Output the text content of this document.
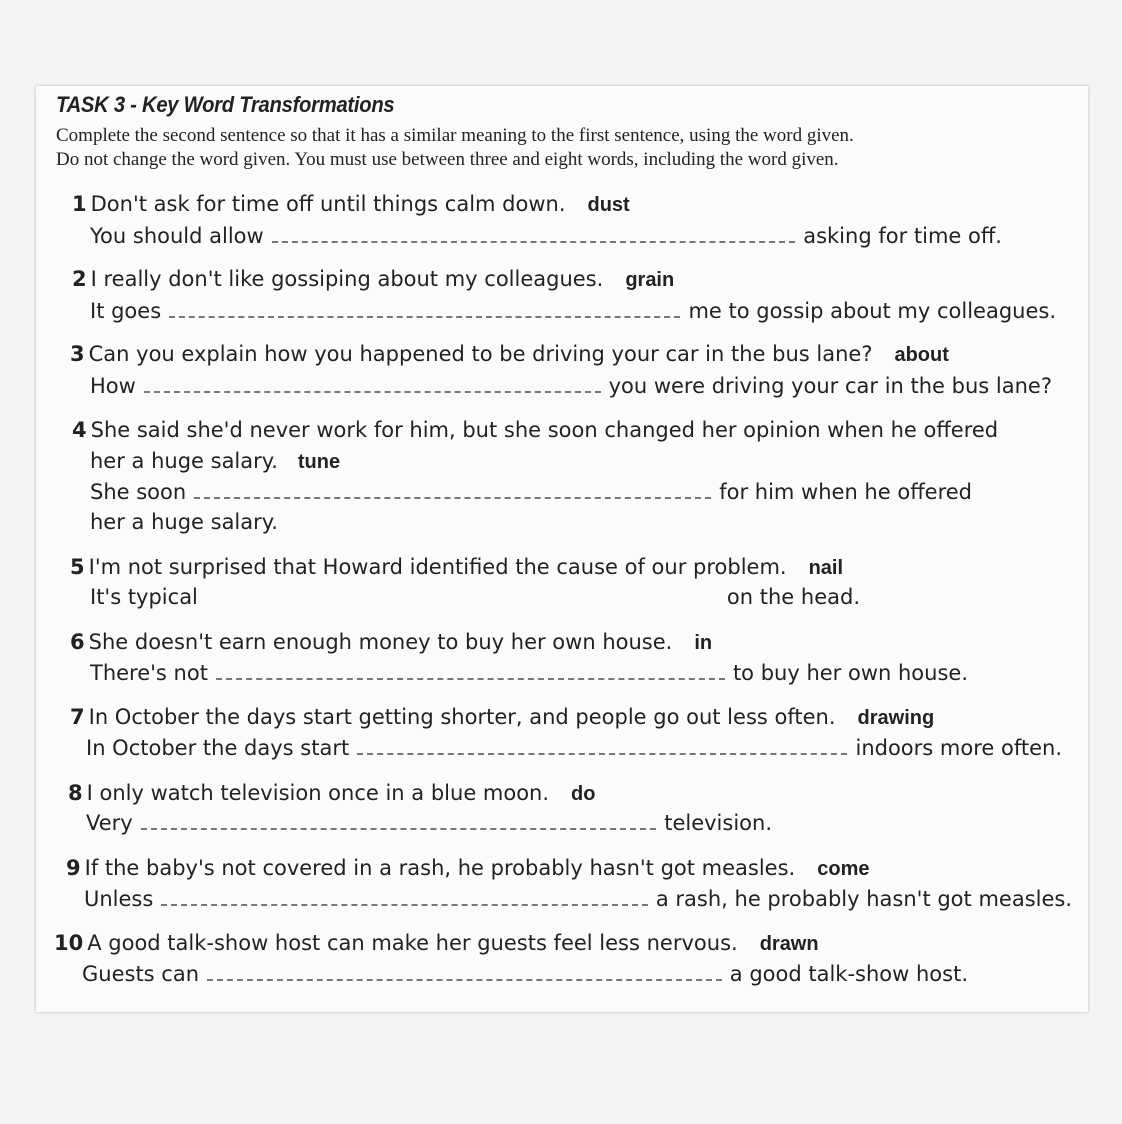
TASK 3 - Key Word Transformations
Complete the second sentence so that it has a similar meaning to the first sentence, using the word given.
Do not change the word given. You must use between three and eight words, including the word given.
1 Don't ask for time off until things calm down. dust
You should allow	asking for time off.
2 I really don't like gossiping about my colleagues. grain
It goes	me to gossip about my colleagues.
3 Can you explain how you happened to be driving your car in the bus lane? about
How	you were driving your car in the bus lane?
4 She said she'd never work for him, but she soon changed her opinion when he offered
her a huge salary. tune
She soon	for him when he offered
her a huge salary.
5 I'm not surprised that Howard identified the cause of our problem. nail
It's typical	on the head.
6 She doesn't earn enough money to buy her own house. in
There's not	to buy her own house.
7 In October the days start getting shorter, and people go out less often. drawing
In October the days start	indoors more often.
8 I only watch television once in a blue moon. do
Very	television.
9 If the baby's not covered in a rash, he probably hasn't got measles. come
Unless	a rash, he probably hasn't got measles.
10 A good talk-show host can make her guests feel less nervous. drawn
Guests can	a good talk-show host.
